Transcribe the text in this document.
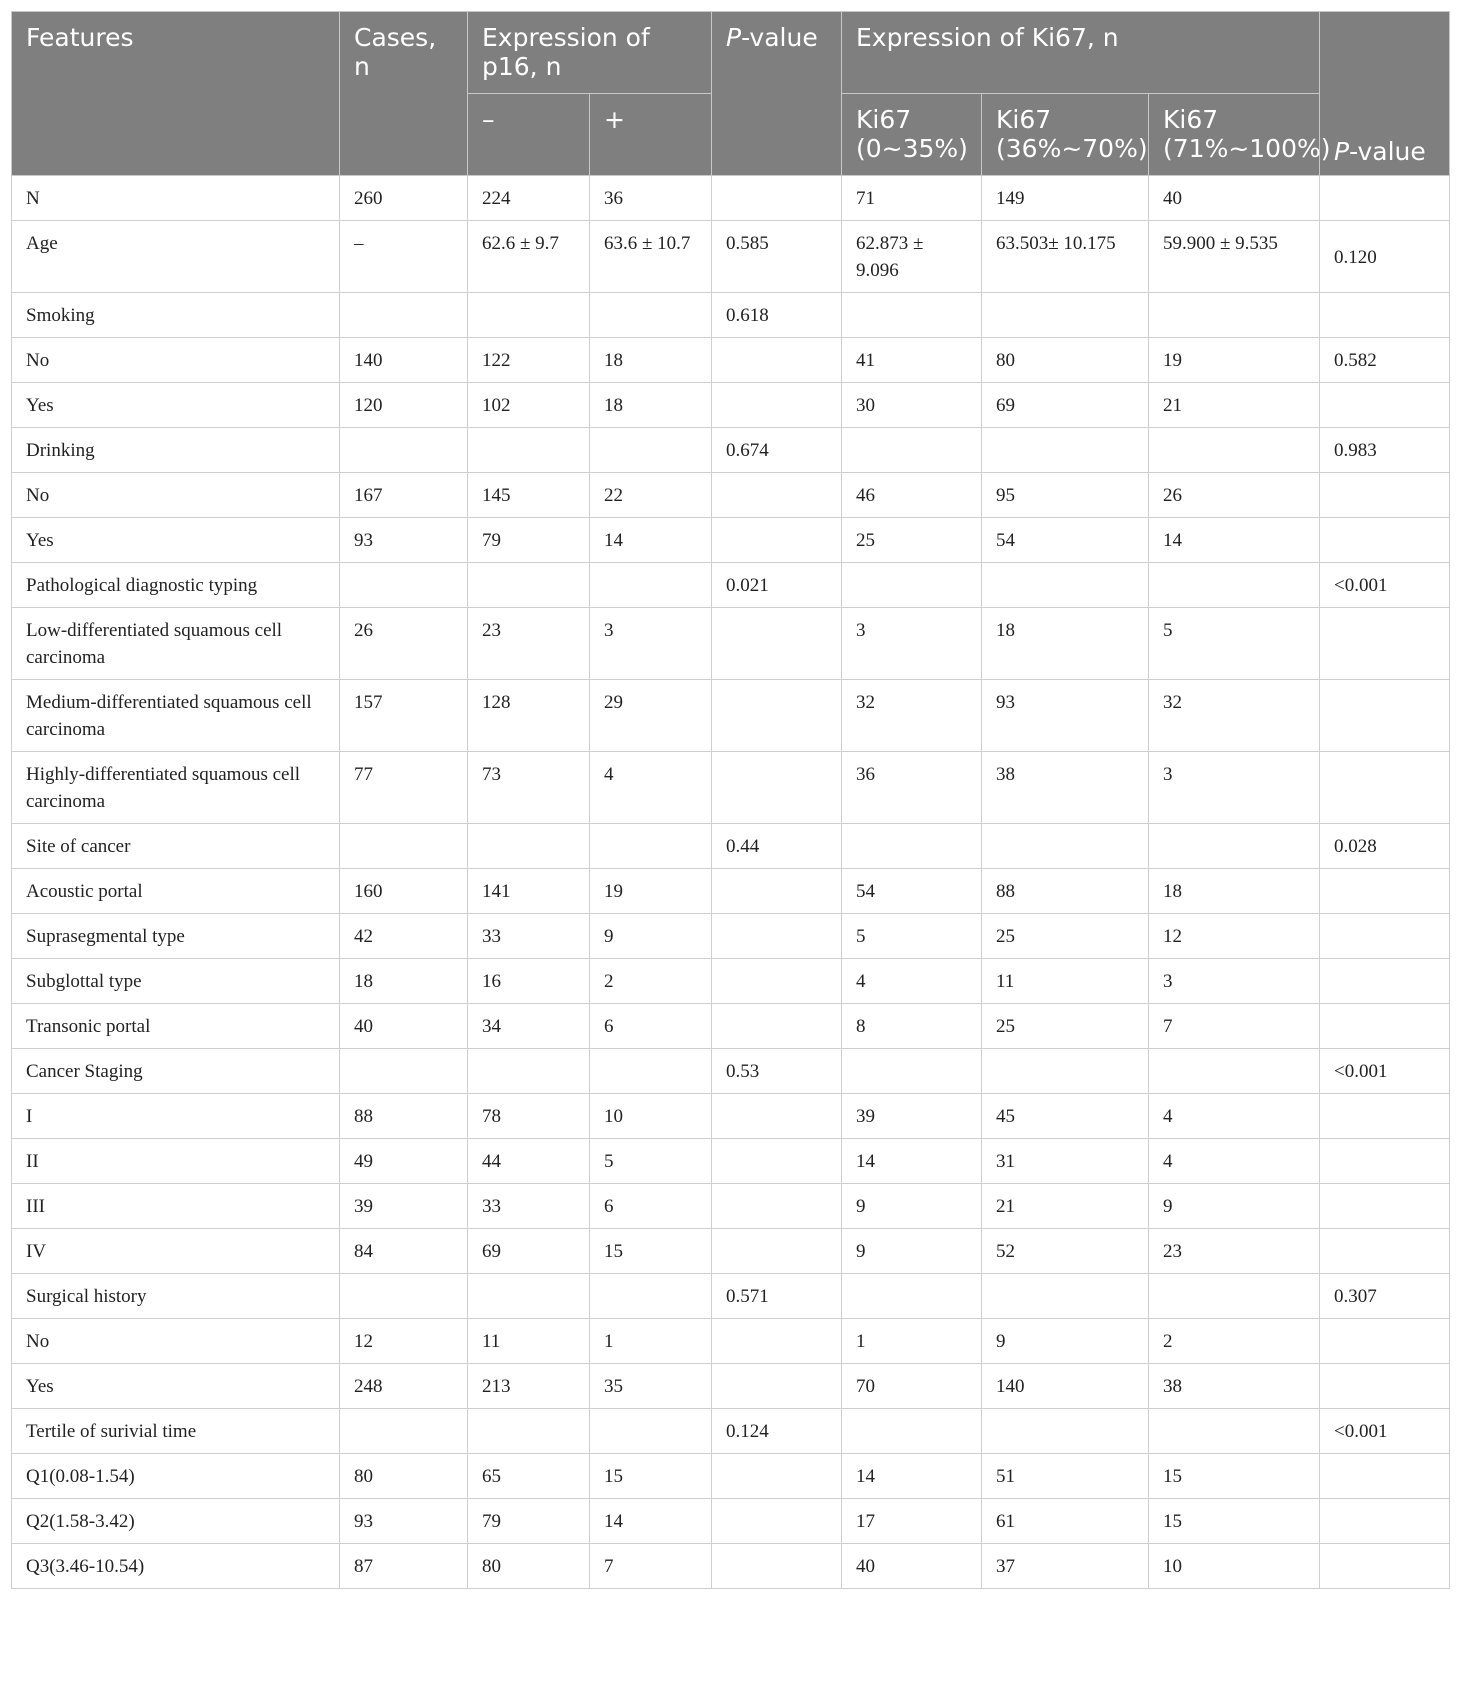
Features	Cases, n	Expression of p16, n		P-value	Expression of Ki67, n			P-value
		–	+		Ki67 (0~35%)	Ki67 (36%~70%)	Ki67 (71%~100%)	
N	260	224	36		71	149	40	
Age	–	62.6 ± 9.7	63.6 ± 10.7	0.585	62.873 ± 9.096	63.503± 10.175	59.900 ± 9.535	0.120
Smoking				0.618				
No	140	122	18		41	80	19	0.582
Yes	120	102	18		30	69	21	
Drinking				0.674				0.983
No	167	145	22		46	95	26	
Yes	93	79	14		25	54	14	
Pathological diagnostic typing				0.021				<0.001
Low-differentiated squamous cell carcinoma	26	23	3		3	18	5	
Medium-differentiated squamous cell carcinoma	157	128	29		32	93	32	
Highly-differentiated squamous cell carcinoma	77	73	4		36	38	3	
Site of cancer				0.44				0.028
Acoustic portal	160	141	19		54	88	18	
Suprasegmental type	42	33	9		5	25	12	
Subglottal type	18	16	2		4	11	3	
Transonic portal	40	34	6		8	25	7	
Cancer Staging				0.53				<0.001
I	88	78	10		39	45	4	
II	49	44	5		14	31	4	
III	39	33	6		9	21	9	
IV	84	69	15		9	52	23	
Surgical history				0.571				0.307
No	12	11	1		1	9	2	
Yes	248	213	35		70	140	38	
Tertile of surivial time				0.124				<0.001
Q1(0.08-1.54)	80	65	15		14	51	15	
Q2(1.58-3.42)	93	79	14		17	61	15	
Q3(3.46-10.54)	87	80	7		40	37	10	
